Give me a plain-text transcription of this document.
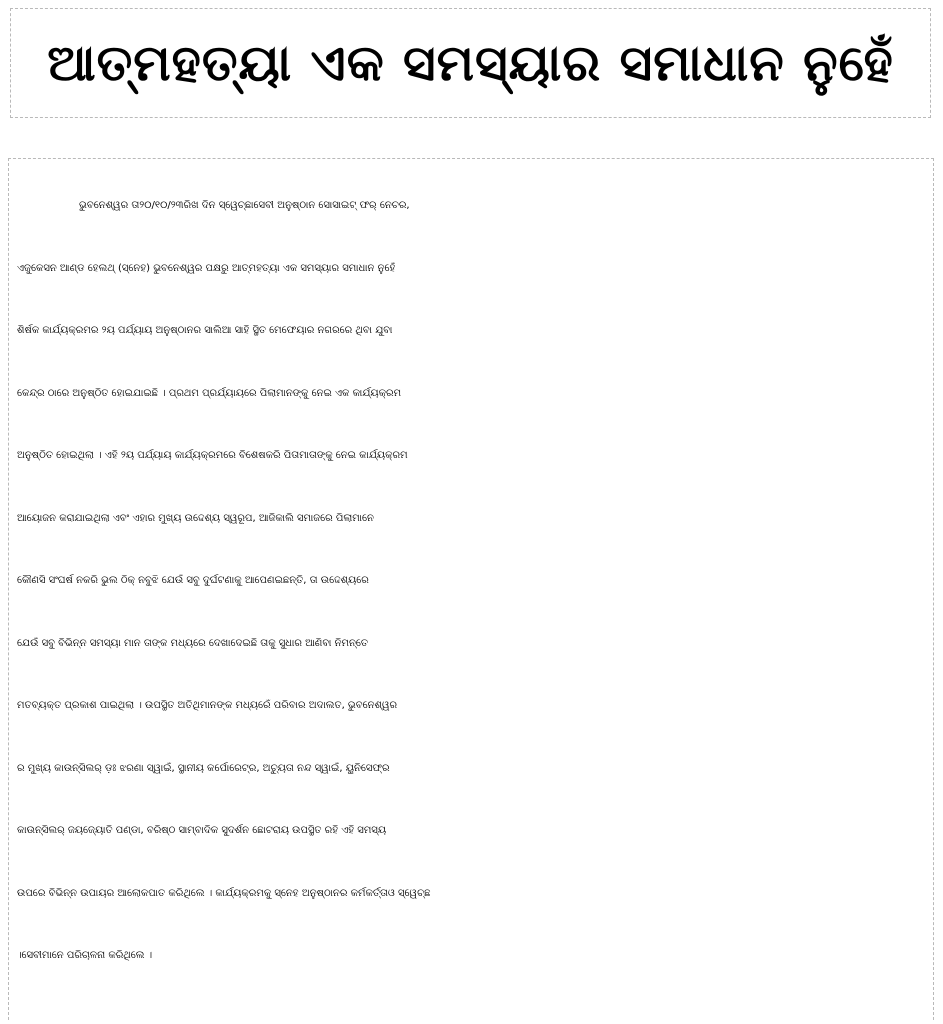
ଆତ୍ମହତ୍ୟା ଏକ ସମସ୍ୟାର ସମାଧାନ ନୁହେଁ
ଭୁବନେଶ୍ୱର ତା୨୦/୧୦/୨୩ରିଖ ଦିନ ସ୍ୱେଚ୍ଛାସେବୀ ଅନୁଷ୍ଠାନ ସୋସାଇଟ୍ ଫର୍ ନେଚର,
ଏଜୁକେସନ ଆଣ୍ଡ ହେଲଥ୍ (ସ୍ନେହ) ଭୁବନେଶ୍ୱର ପକ୍ଷରୁ ଆତ୍ମହତ୍ୟା ଏକ ସମସ୍ୟାର ସମାଧାନ ନୁହେଁ
ଶିର୍ଷକ କାର୍ଯ୍ୟକ୍ରମର ୨ୟ ପର୍ଯ୍ୟାୟ ଅନୁଷ୍ଠାନର ସାଲିଆ ସାହି ସ୍ଥିତ ମେଫେୟାର ନଗରରେ ଥିବା ଯୁବା
କେନ୍ଦ୍ର ଠାରେ ଅନୁଷ୍ଠିତ ହୋଇଯାଇଛି । ପ୍ରଥମ ପ୍ରର୍ଯ୍ୟାୟରେ ପିଲାମାନଙ୍କୁ ନେଇ ଏକ କାର୍ଯ୍ୟକ୍ରମ
ଅନୁଷ୍ଠିତ ହୋଇଥିଲା । ଏହି ୨ୟ ପର୍ଯ୍ୟାୟ କାର୍ଯ୍ୟକ୍ରମରେ ବିଶେଷକରି ପିତାମାତାଙ୍କୁ ନେଇ କାର୍ଯ୍ୟକ୍ରମ
ଆୟୋଜନ କରାଯାଇଥିଲା ଏବଂ ଏହାର ମୁଖ୍ୟ ଉଦ୍ଦେଶ୍ୟ ସ୍ୱରୂପ, ଆଜିକାଲି ସମାଜରେ ପିଲାମାନେ
କୌଣସି ସଂଘର୍ଷ ନକରି ଭୁଲ ଠିକ୍ ନବୁଝି ଯେଉଁ ସବୁ ଦୁର୍ଘଟଣାକୁ ଆପେଣଇଛନ୍ତି, ତା ଉଦ୍ଦେଶ୍ୟରେ
ଯେଉଁ ସବୁ ବିଭିନ୍ନ ସମସ୍ୟା ମାନ ତାଙ୍କ ମଧ୍ୟରେ ଦେଖାଦେଇଛି ତାକୁ ସୁଧାର ଆଣିବା ନିମନ୍ତେ
ମତବ୍ୟକ୍ତ ପ୍ରକାଶ ପାଇଥିଲା । ଉପସ୍ଥିତ ଅତିଥିମାନଙ୍କ ମଧ୍ୟରେଁ ପରିବାର ଅଦାଲତ, ଭୁବନେଶ୍ୱର
ର ମୁଖ୍ୟ କାଉନ୍‌ସିଲର୍ ଡ଼ଃ ଝରଣା ସ୍ୱାଇଁ, ସ୍ଥାନୀୟ କର୍ପୋରେଟ୍ର, ଅଚ୍ୟୁତା ନନ୍ଦ ସ୍ୱାଇଁ, ୟୁନିସେଫ୍‌ର
କାଉନ୍‌ସିଲର୍ ଜୟଜ୍ୟୋତି ପଣ୍ଡା, ବରିଷ୍ଠ ସାମ୍ବାଦିକ ସୁଦର୍ଶନ ଛୋଟରାୟ ଉପସ୍ଥିତ ରହି ଏହି ସମସ୍ୟ
ଉପରେ ବିଭିନ୍ନ ଉପାୟର ଆଲୋକପାତ କରିଥିଲେ । କାର୍ଯ୍ୟକ୍ରମକୁ ସ୍ନେହ ଅନୁଷ୍ଠାନର କର୍ମକର୍ତ୍ତାଓ ସ୍ୱେଚ୍ଛ
।ସେବୀମାନେ ପରିଚାଳନା କରିଥିଲେ ।
